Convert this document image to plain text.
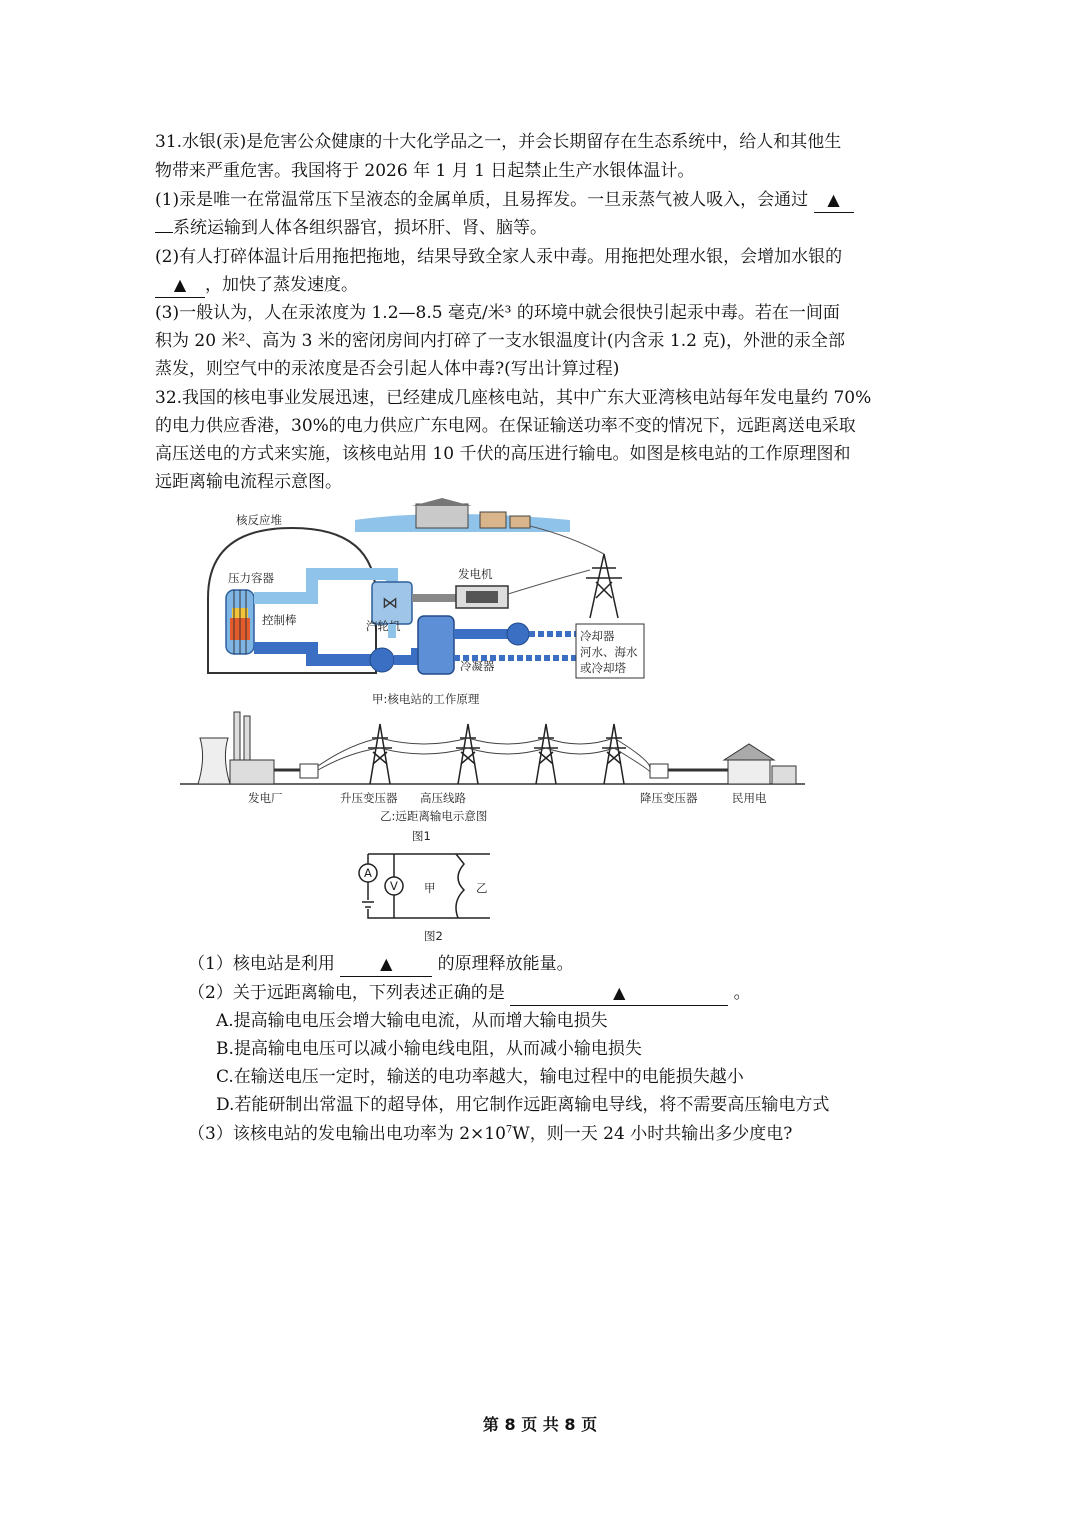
31.水银(汞)是危害公众健康的十大化学品之一，并会长期留存在生态系统中，给人和其他生
物带来严重危害。我国将于 2026 年 1 月 1 日起禁止生产水银体温计。
(1)汞是唯一在常温常压下呈液态的金属单质，且易挥发。一旦汞蒸气被人吸入，会通过 ▲
系统运输到人体各组织器官，损坏肝、肾、脑等。
(2)有人打碎体温计后用拖把拖地，结果导致全家人汞中毒。用拖把处理水银，会增加水银的
▲ ，加快了蒸发速度。
(3)一般认为，人在汞浓度为 1.2—8.5 毫克/米³ 的环境中就会很快引起汞中毒。若在一间面
积为 20 米²、高为 3 米的密闭房间内打碎了一支水银温度计(内含汞 1.2 克)，外泄的汞全部
蒸发，则空气中的汞浓度是否会引起人体中毒?(写出计算过程)
32.我国的核电事业发展迅速，已经建成几座核电站，其中广东大亚湾核电站每年发电量约 70%
的电力供应香港，30%的电力供应广东电网。在保证输送功率不变的情况下，远距离送电采取
高压送电的方式来实施，该核电站用 10 千伏的高压进行输电。如图是核电站的工作原理图和
远距离输电流程示意图。
核反应堆
压力容器
控制棒
⋈
汽轮机
发电机
冷凝器
冷却器
河水、海水
或冷却塔
甲:核电站的工作原理
发电厂	升压变压器 高压线路	降压变压器	民用电
乙:远距离输电示意图
图1
A
V 甲	乙
图2
（1）核电站是利用	▲	的原理释放能量。
（2）关于远距离输电，下列表述正确的是	▲	。
A.提高输电电压会增大输电电流，从而增大输电损失
B.提高输电电压可以减小输电线电阻，从而减小输电损失
C.在输送电压一定时，输送的电功率越大，输电过程中的电能损失越小
D.若能研制出常温下的超导体，用它制作远距离输电导线，将不需要高压输电方式
（3）该核电站的发电输出电功率为 $2\times 10^7W$，则一天 24 小时共输出多少度电?
第 8 页 共 8 页
